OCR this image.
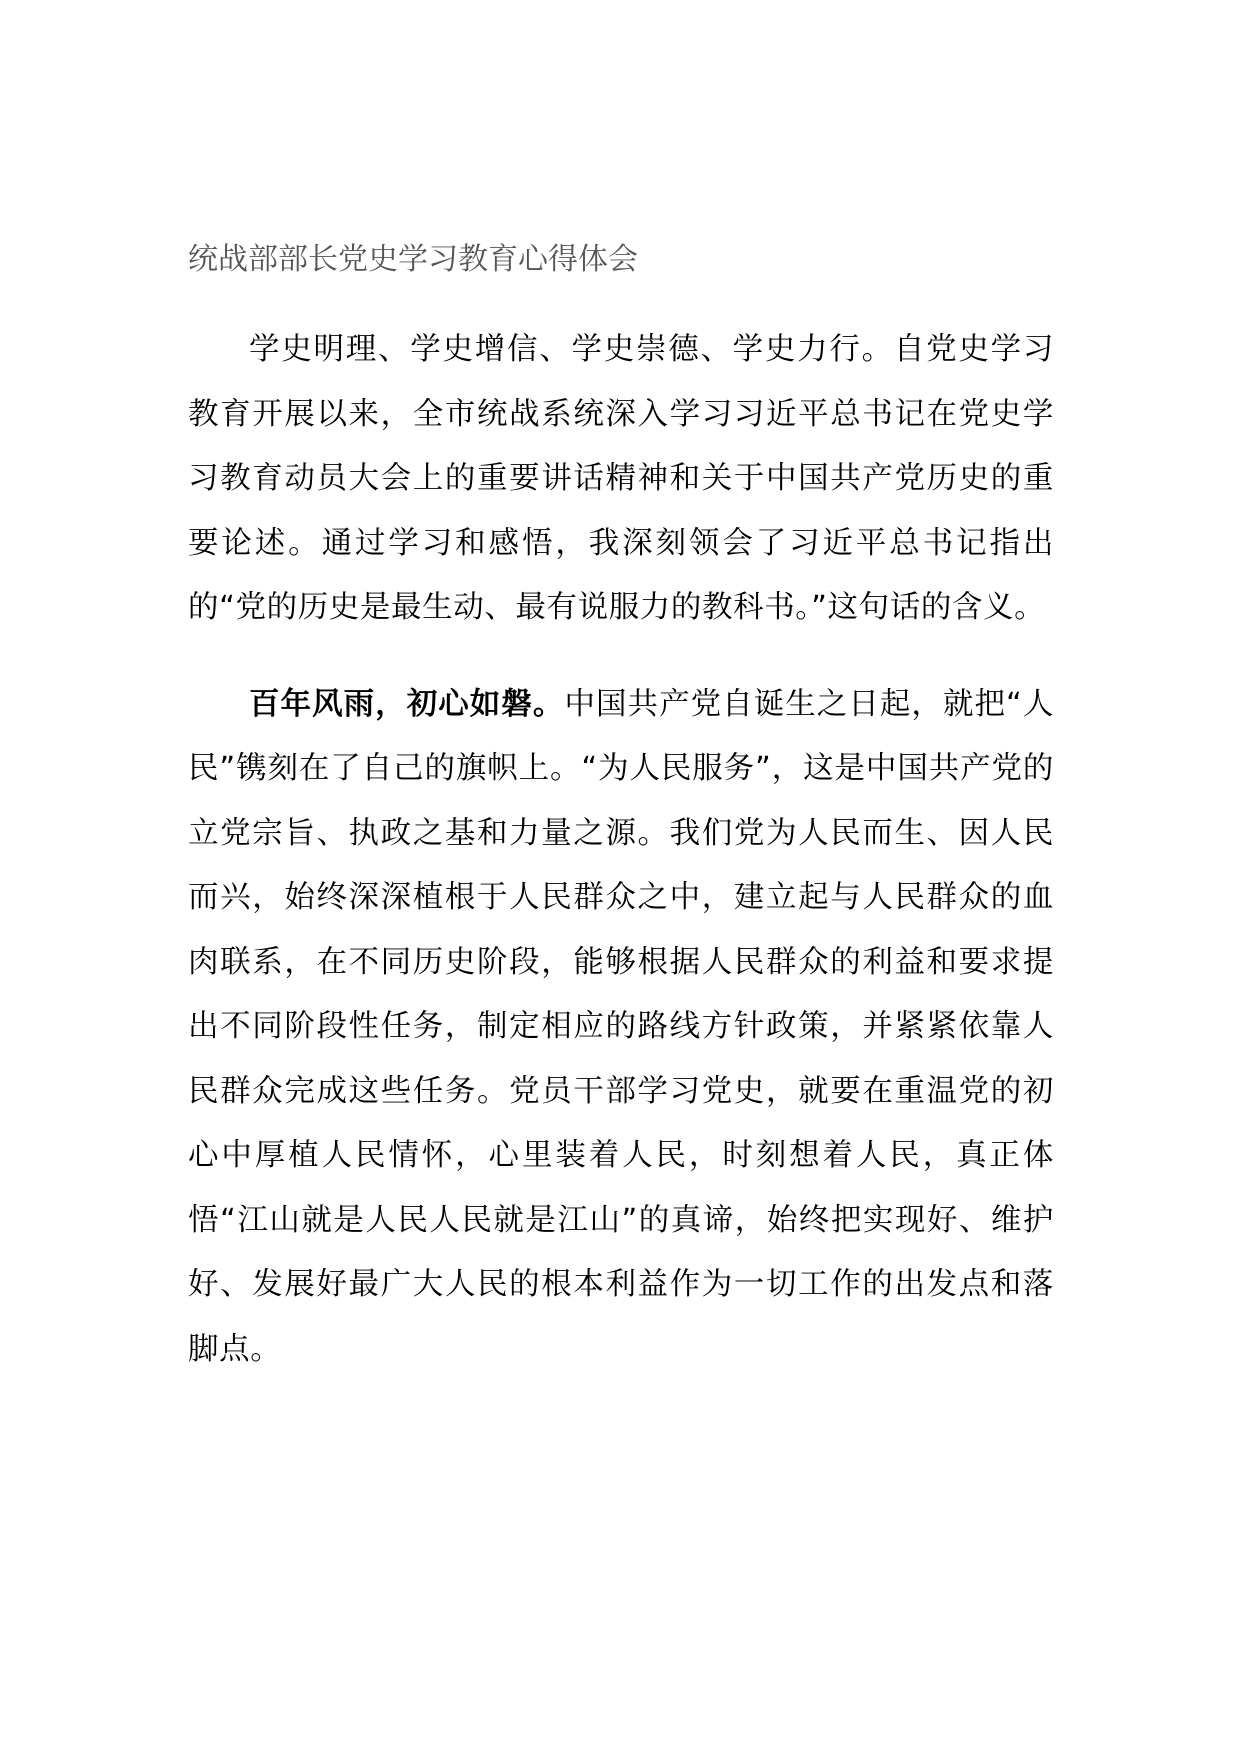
统战部部长党史学习教育心得体会

学史明理、学史增信、学史崇德、学史力行。自党史学习教育开展以来，全市统战系统深入学习习近平总书记在党史学习教育动员大会上的重要讲话精神和关于中国共产党历史的重要论述。通过学习和感悟，我深刻领会了习近平总书记指出的“党的历史是最生动、最有说服力的教科书。”这句话的含义。

百年风雨，初心如磐。中国共产党自诞生之日起，就把“人民”镌刻在了自己的旗帜上。“为人民服务”，这是中国共产党的立党宗旨、执政之基和力量之源。我们党为人民而生、因人民而兴，始终深深植根于人民群众之中，建立起与人民群众的血肉联系，在不同历史阶段，能够根据人民群众的利益和要求提出不同阶段性任务，制定相应的路线方针政策，并紧紧依靠人民群众完成这些任务。党员干部学习党史，就要在重温党的初心中厚植人民情怀，心里装着人民，时刻想着人民，真正体悟“江山就是人民人民就是江山”的真谛，始终把实现好、维护好、发展好最广大人民的根本利益作为一切工作的出发点和落脚点。
